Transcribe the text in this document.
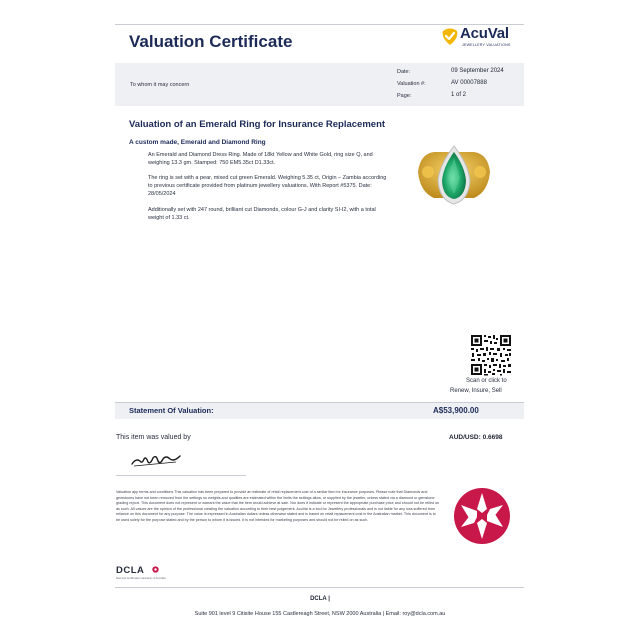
Valuation Certificate	AcuVal
JEWELLERY VALUATIONS
To whom it may concern
Date:	09 September 2024
Valuation #:	AV 00007888
Page:	1 of 2
Valuation of an Emerald Ring for Insurance Replacement
A custom made, Emerald and Diamond Ring
An Emerald and Diamond Dress Ring. Made of 18kt Yellow and White Gold, ring size Q, and weighing 13.3 gm. Stamped: 750 EM5.35ct D1.33ct.
The ring is set with a pear, mixed cut green Emerald. Weighing 5.35 ct, Origin – Zambia according to previous certificate provided from platinum jewellery valuations. With Report #5375. Date: 28/05/2024
Additionally set with 247 round, brilliant cut Diamonds, colour G-J and clarity SI-I2, with a total weight of 1.33 ct.
Scan or click to
Renew, Insure, Sell
Statement Of Valuation:	A$53,900.00
This item was valued by	AUD/USD: 0.6698
Valuation app terms and conditions This valuation has been prepared to provide an estimate of retail replacement cost of a similar item for insurance purposes. Please note that Diamonds and gemstones have not been removed from the settings so weights and qualities are estimated within the limits the settings allow, or supplied by the jeweller, unless stated via a diamond or gemstone grading report. This document does not represent or warrant the value that the item would achieve at sale. Nor does it indicate or represent the appropriate purchase price and should not be relied on as such. All values are the opinion of the professional creating the valuation according to their best judgement. AcuVal is a tool for Jewellery professionals and is not liable for any loss suffered from reliance on this document for any purpose. The value is expressed in Australian dollars unless otherwise stated and is based on retail replacement cost in the Australian market. This document is to be used solely for the purpose stated and by the person to whom it is issued. It is not intended for marketing purposes and should not be relied on as such.
DCLA
Diamond Certification Laboratory of Australia
DCLA |
Suite 901 level 9 Citisite House 155 Castlereagh Street, NSW 2000 Australia | Email: roy@dcla.com.au
